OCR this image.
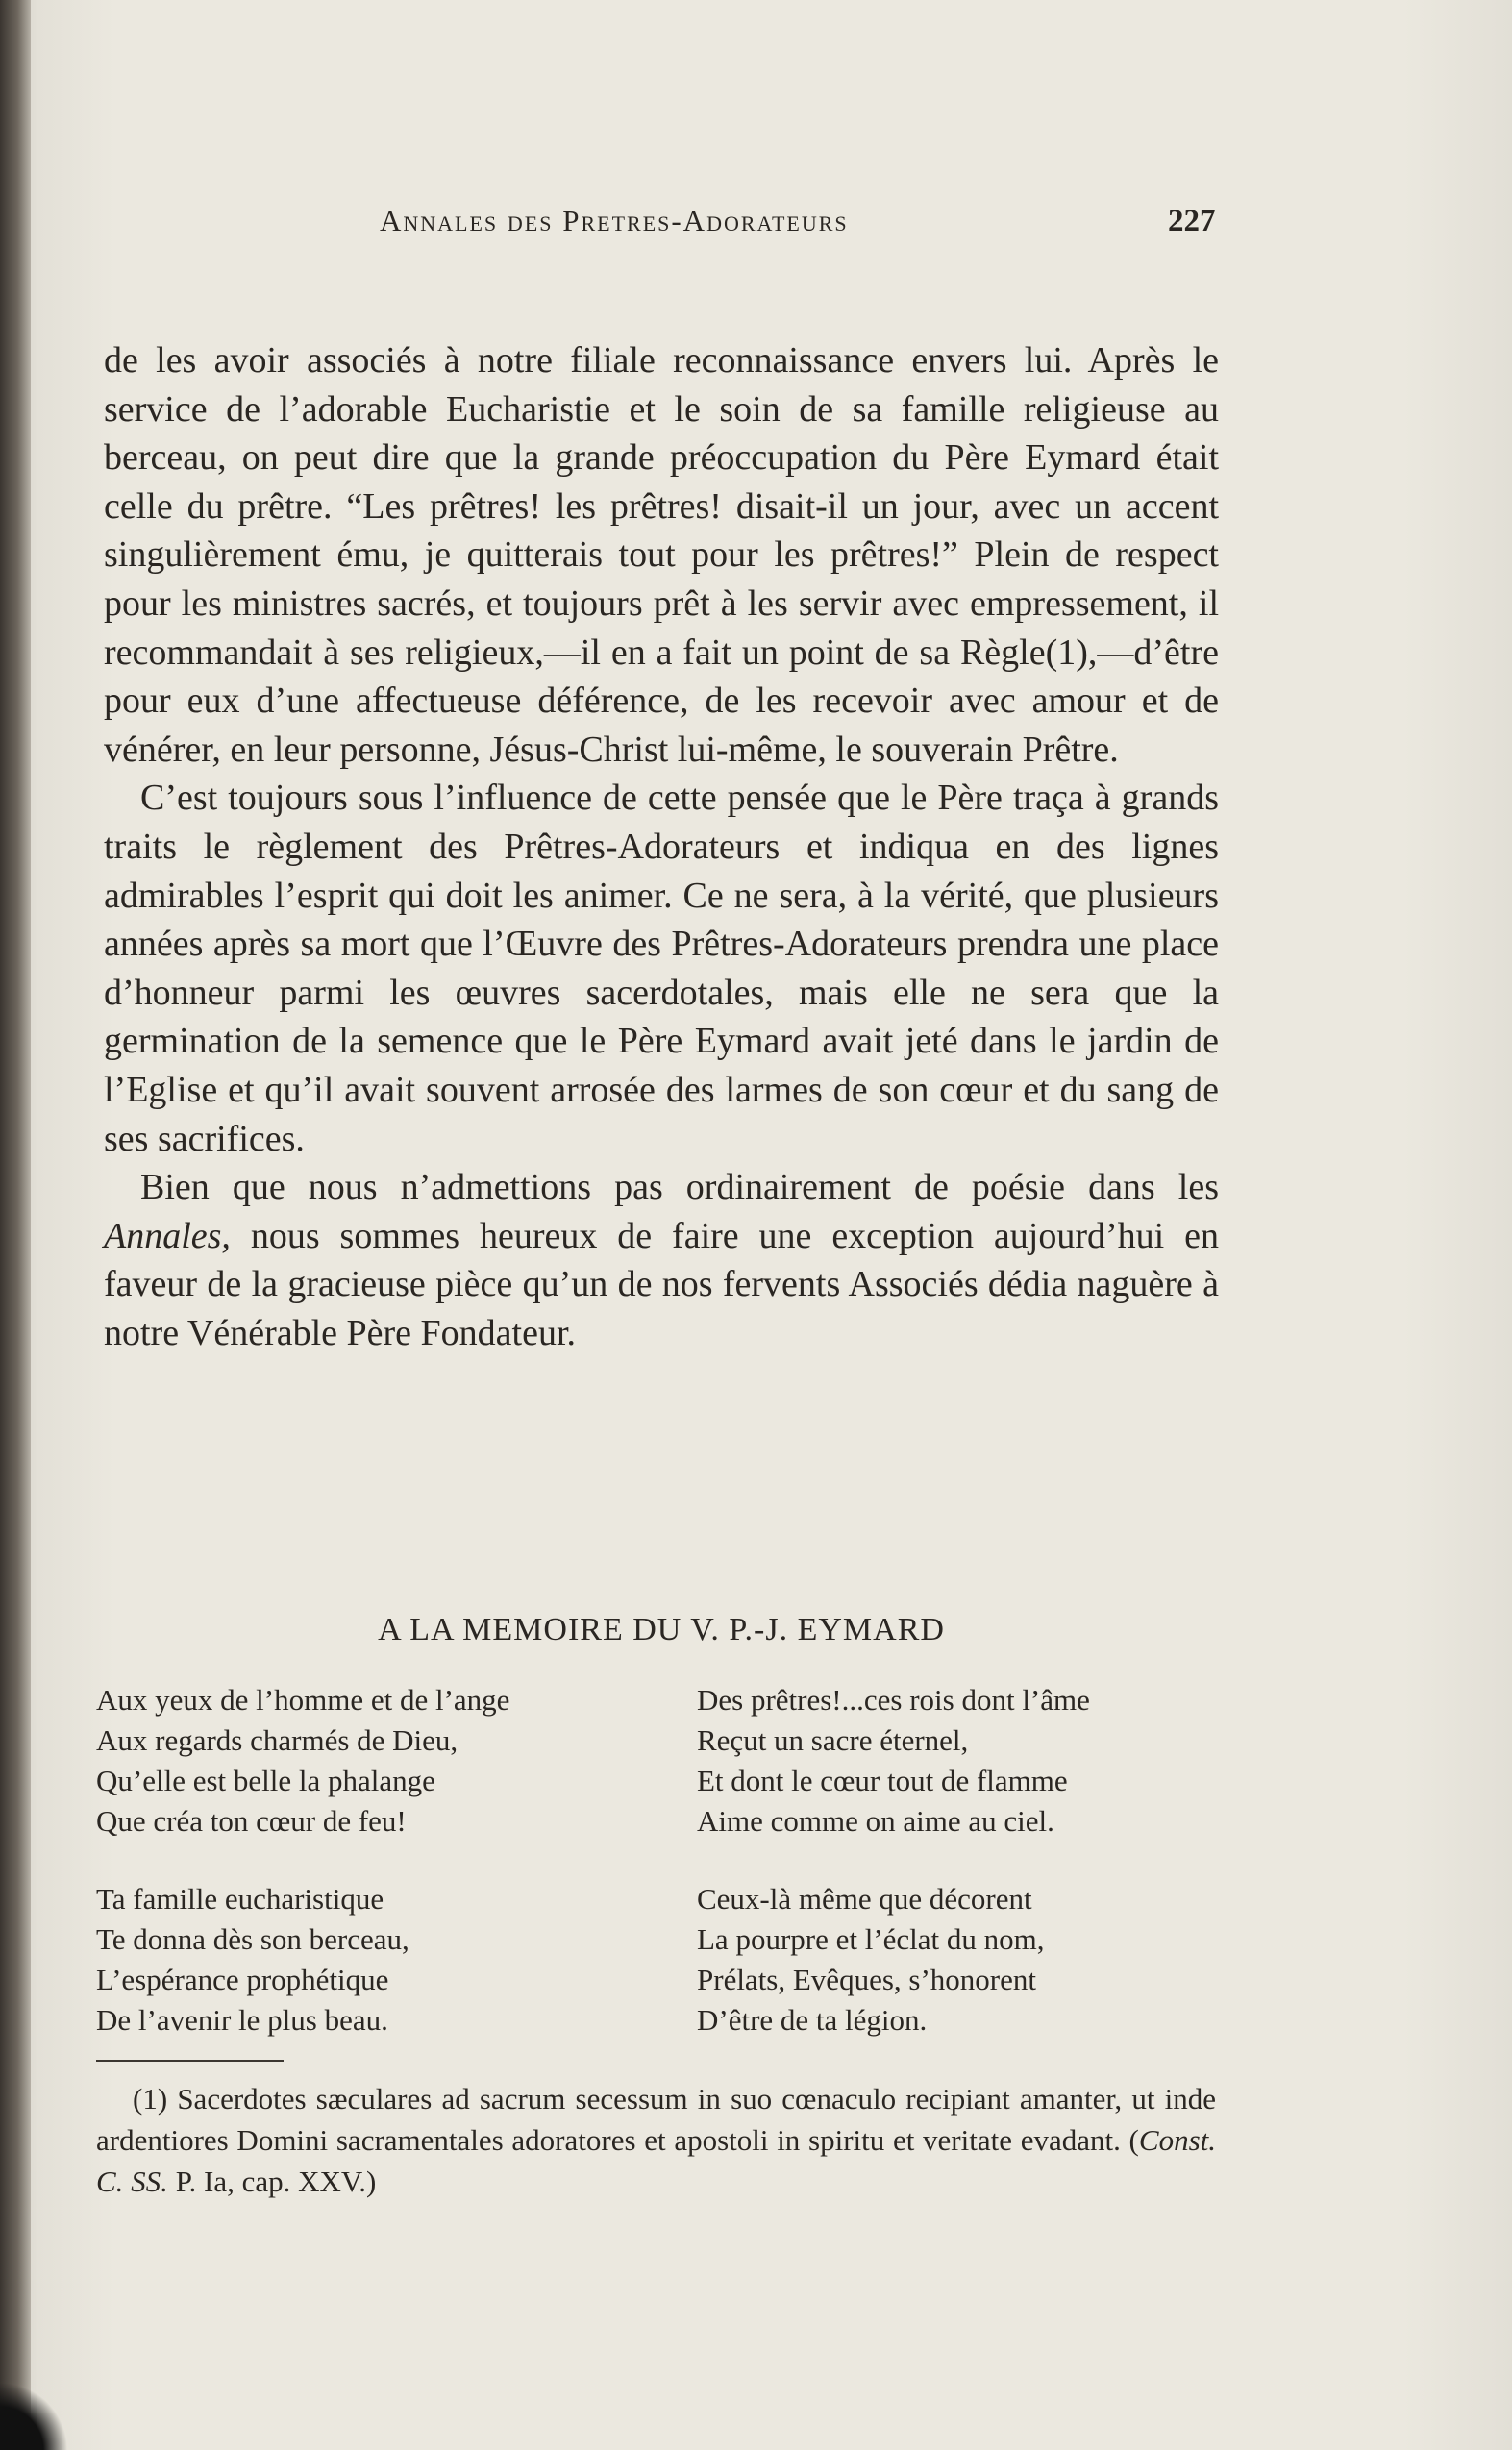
Annales des Pretres-Adorateurs	227

de les avoir associés à notre filiale reconnaissance envers lui. Après le service de l’adorable Eucharistie et le soin de sa famille religieuse au berceau, on peut dire que la grande préoccupation du Père Eymard était celle du prêtre. “Les prêtres! les prêtres! disait-il un jour, avec un accent singulièrement ému, je quitterais tout pour les prêtres!” Plein de respect pour les ministres sacrés, et toujours prêt à les servir avec empressement, il recommandait à ses religieux,—il en a fait un point de sa Règle(1),—d’être pour eux d’une affectueuse déférence, de les recevoir avec amour et de vénérer, en leur personne, Jésus-Christ lui-même, le souverain Prêtre.

C’est toujours sous l’influence de cette pensée que le Père traça à grands traits le règlement des Prêtres-Adorateurs et indiqua en des lignes admirables l’esprit qui doit les animer. Ce ne sera, à la vérité, que plusieurs années après sa mort que l’Œuvre des Prêtres-Adorateurs prendra une place d’honneur parmi les œuvres sacerdotales, mais elle ne sera que la germination de la semence que le Père Eymard avait jeté dans le jardin de l’Eglise et qu’il avait souvent arrosée des larmes de son cœur et du sang de ses sacrifices.

Bien que nous n’admettions pas ordinairement de poésie dans les Annales, nous sommes heureux de faire une exception aujourd’hui en faveur de la gracieuse pièce qu’un de nos fervents Associés dédia naguère à notre Vénérable Père Fondateur.

A LA MEMOIRE DU V. P.-J. EYMARD
Aux yeux de l’homme et de l’ange
Aux regards charmés de Dieu,
Qu’elle est belle la phalange
Que créa ton cœur de feu!
Des prêtres!...ces rois dont l’âme
Reçut un sacre éternel,
Et dont le cœur tout de flamme
Aime comme on aime au ciel.
Ta famille eucharistique
Te donna dès son berceau,
L’espérance prophétique
De l’avenir le plus beau.
Ceux-là même que décorent
La pourpre et l’éclat du nom,
Prélats, Evêques, s’honorent
D’être de ta légion.
(1) Sacerdotes sæculares ad sacrum secessum in suo cœnaculo recipiant amanter, ut inde ardentiores Domini sacramentales adoratores et apostoli in spiritu et veritate evadant. (Const. C. SS. P. Ia, cap. XXV.)
